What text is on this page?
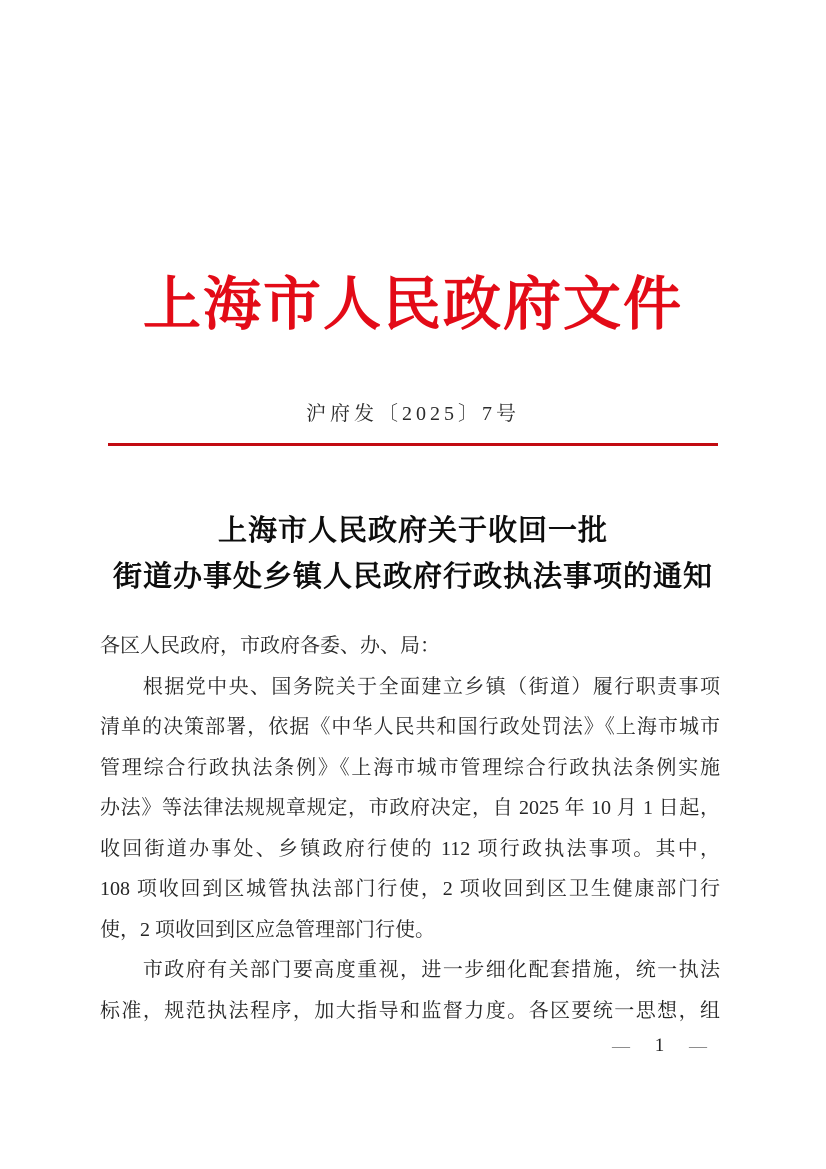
上海市人民政府文件
沪府发〔2025〕7号
上海市人民政府关于收回一批
街道办事处乡镇人民政府行政执法事项的通知
各区人民政府，市政府各委、办、局：
　　根据党中央、国务院关于全面建立乡镇（街道）履行职责事项
清单的决策部署，依据《中华人民共和国行政处罚法》《上海市城市
管理综合行政执法条例》《上海市城市管理综合行政执法条例实施
办法》等法律法规规章规定，市政府决定，自 2025 年 10 月 1 日起，
收回街道办事处、乡镇政府行使的 112 项行政执法事项。其中，
108 项收回到区城管执法部门行使，2 项收回到区卫生健康部门行
使，2 项收回到区应急管理部门行使。
　　市政府有关部门要高度重视，进一步细化配套措施，统一执法
标准，规范执法程序，加大指导和监督力度。各区要统一思想，组
— 1 —
